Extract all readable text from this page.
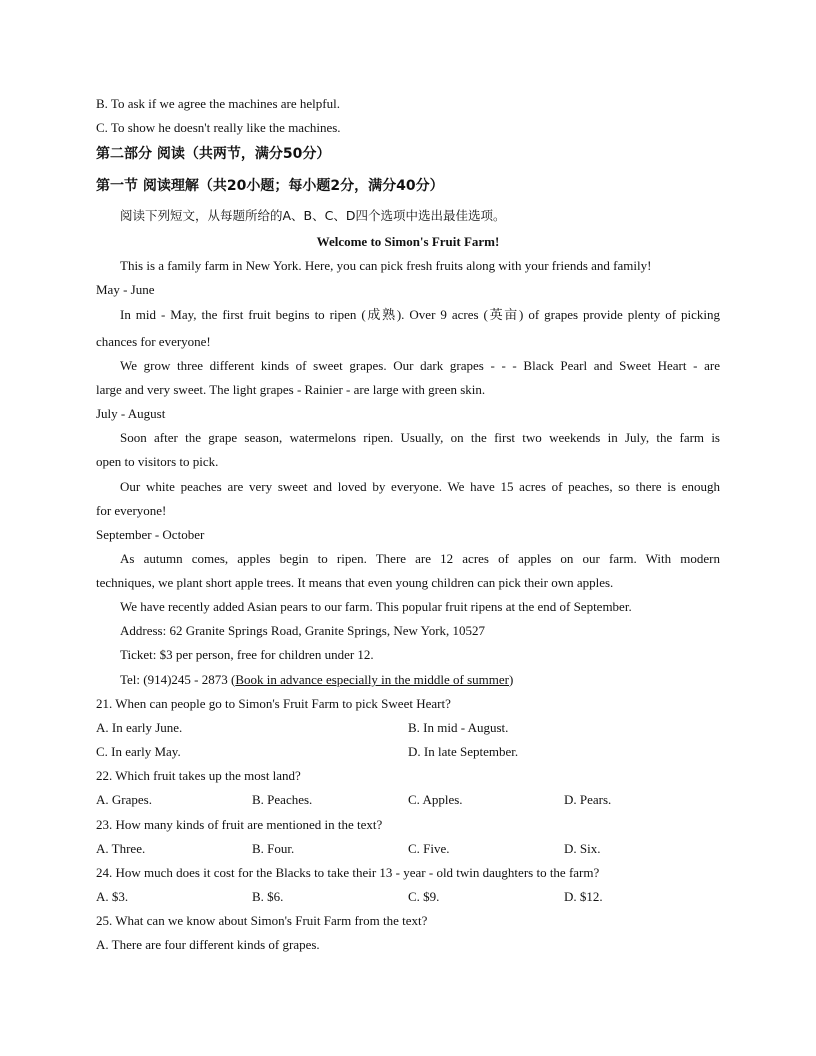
B. To ask if we agree the machines are helpful.
C. To show he doesn't really like the machines.
第二部分 阅读（共两节，满分50分）
第一节 阅读理解（共20小题；每小题2分，满分40分）
阅读下列短文，从每题所给的A、B、C、D四个选项中选出最佳选项。
Welcome to Simon's Fruit Farm!
This is a family farm in New York. Here, you can pick fresh fruits along with your friends and family!
May - June
In mid - May, the first fruit begins to ripen (成熟). Over 9 acres (英亩) of grapes provide plenty of picking
chances for everyone!
We grow three different kinds of sweet grapes. Our dark grapes - - - Black Pearl and Sweet Heart - are
large and very sweet. The light grapes - Rainier - are large with green skin.
July - August
Soon after the grape season, watermelons ripen. Usually, on the first two weekends in July, the farm is
open to visitors to pick.
Our white peaches are very sweet and loved by everyone. We have 15 acres of peaches, so there is enough
for everyone!
September - October
As autumn comes, apples begin to ripen. There are 12 acres of apples on our farm. With modern
techniques, we plant short apple trees. It means that even young children can pick their own apples.
We have recently added Asian pears to our farm. This popular fruit ripens at the end of September.
Address: 62 Granite Springs Road, Granite Springs, New York, 10527
Ticket: $3 per person, free for children under 12.
Tel: (914)245 - 2873 (Book in advance especially in the middle of summer)
21. When can people go to Simon's Fruit Farm to pick Sweet Heart?
A. In early June.	B. In mid - August.
C. In early May.	D. In late September.
22. Which fruit takes up the most land?
A. Grapes.	B. Peaches.	C. Apples.	D. Pears.
23. How many kinds of fruit are mentioned in the text?
A. Three.	B. Four.	C. Five.	D. Six.
24. How much does it cost for the Blacks to take their 13 - year - old twin daughters to the farm?
A. $3.	B. $6.	C. $9.	D. $12.
25. What can we know about Simon's Fruit Farm from the text?
A. There are four different kinds of grapes.
